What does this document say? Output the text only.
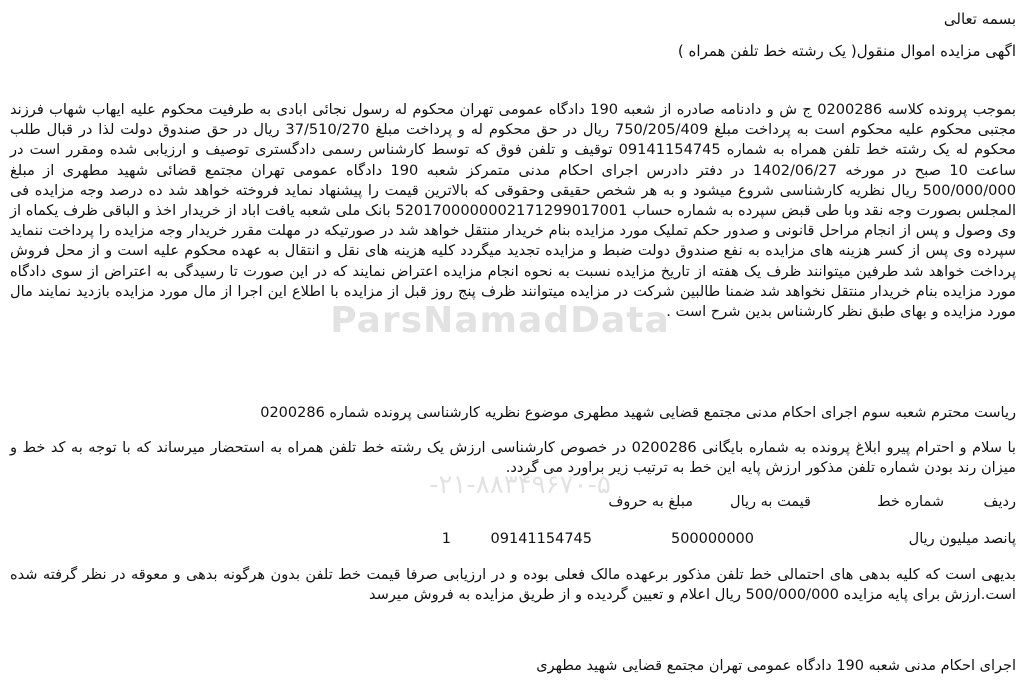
بسمه تعالی
اگهی مزایده اموال منقول( یک رشته خط تلفن همراه )
بموجب پرونده کلاسه 0200286 ج ش و دادنامه صادره از شعبه 190 دادگاه عمومی تهران محکوم له رسول نجائی ابادی به طرفیت محکوم علیه ایهاب شهاب فرزند مجتبی محکوم علیه محکوم است به پرداخت مبلغ 750/205/409 ریال در حق محکوم له و پرداخت مبلغ 37/510/270 ریال در حق صندوق دولت لذا در قبال طلب محکوم له یک رشته خط تلفن همراه به شماره 09141154745 توقیف و تلفن فوق که توسط کارشناس رسمی دادگستری توصیف و ارزیابی شده ومقرر است در ساعت 10 صبح در مورخه 1402/06/27 در دفتر دادرس اجرای احکام مدنی متمرکز شعبه 190 دادگاه عمومی تهران مجتمع قضائی شهید مطهری از مبلغ 500/000/000 ریال نظریه کارشناسی شروع میشود و به هر شخص حقیقی وحقوقی که بالاترین قیمت را پیشنهاد نماید فروخته خواهد شد ده درصد وجه مزایده فی المجلس بصورت وجه نقد وبا طی قبض سپرده به شماره حساب 5201700000002171299017001 بانک ملی شعبه یافت اباد از خریدار اخذ و الباقی ظرف یکماه از وی وصول و پس از انجام مراحل قانونی و صدور حکم تملیک مورد مزایده بنام خریدار منتقل خواهد شد در صورتیکه در مهلت مقرر خریدار وجه مزایده را پرداخت ننماید سپرده وی پس از کسر هزینه های مزایده به نفع صندوق دولت ضبط و مزایده تجدید میگردد کلیه هزینه های نقل و انتقال به عهده محکوم علیه است و از محل فروش پرداخت خواهد شد طرفین میتوانند ظرف یک هفته از تاریخ مزایده نسبت به نحوه انجام مزایده اعتراض نمایند که در این صورت تا رسیدگی به اعتراض از سوی دادگاه مورد مزایده بنام خریدار منتقل نخواهد شد ضمنا طالبین شرکت در مزایده میتوانند ظرف پنج روز قبل از مزایده با اطلاع این اجرا از مال مورد مزایده بازدید نمایند مال مورد مزایده و بهای طبق نظر کارشناس بدین شرح است .
ریاست محترم شعبه سوم اجرای احکام مدنی مجتمع قضایی شهید مطهری موضوع نظریه کارشناسی پرونده شماره 0200286
با سلام و احترام پیرو ابلاغ پرونده به شماره بایگانی 0200286 در خصوص کارشناسی ارزش یک رشته خط تلفن همراه به استحضار میرساند که با توجه به کد خط و میزان رند بودن شماره تلفن مذکور ارزش پایه این خط به ترتیب زیر براورد می گردد.
ردیف
شماره خط
قیمت به ریال
مبلغ به حروف
پانصد میلیون ریال
500000000
09141154745
1
بدیهی است که کلیه بدهی های احتمالی خط تلفن مذکور برعهده مالک فعلی بوده و در ارزیابی صرفا قیمت خط تلفن بدون هرگونه بدهی و معوقه در نظر گرفته شده است.ارزش برای پایه مزایده 500/000/000 ریال اعلام و تعیین گردیده و از طریق مزایده به فروش میرسد
اجرای احکام مدنی شعبه 190 دادگاه عمومی تهران مجتمع قضایی شهید مطهری
ParsNamadData
-۲۱-۸۸۳۴۹۶۷۰-۵
